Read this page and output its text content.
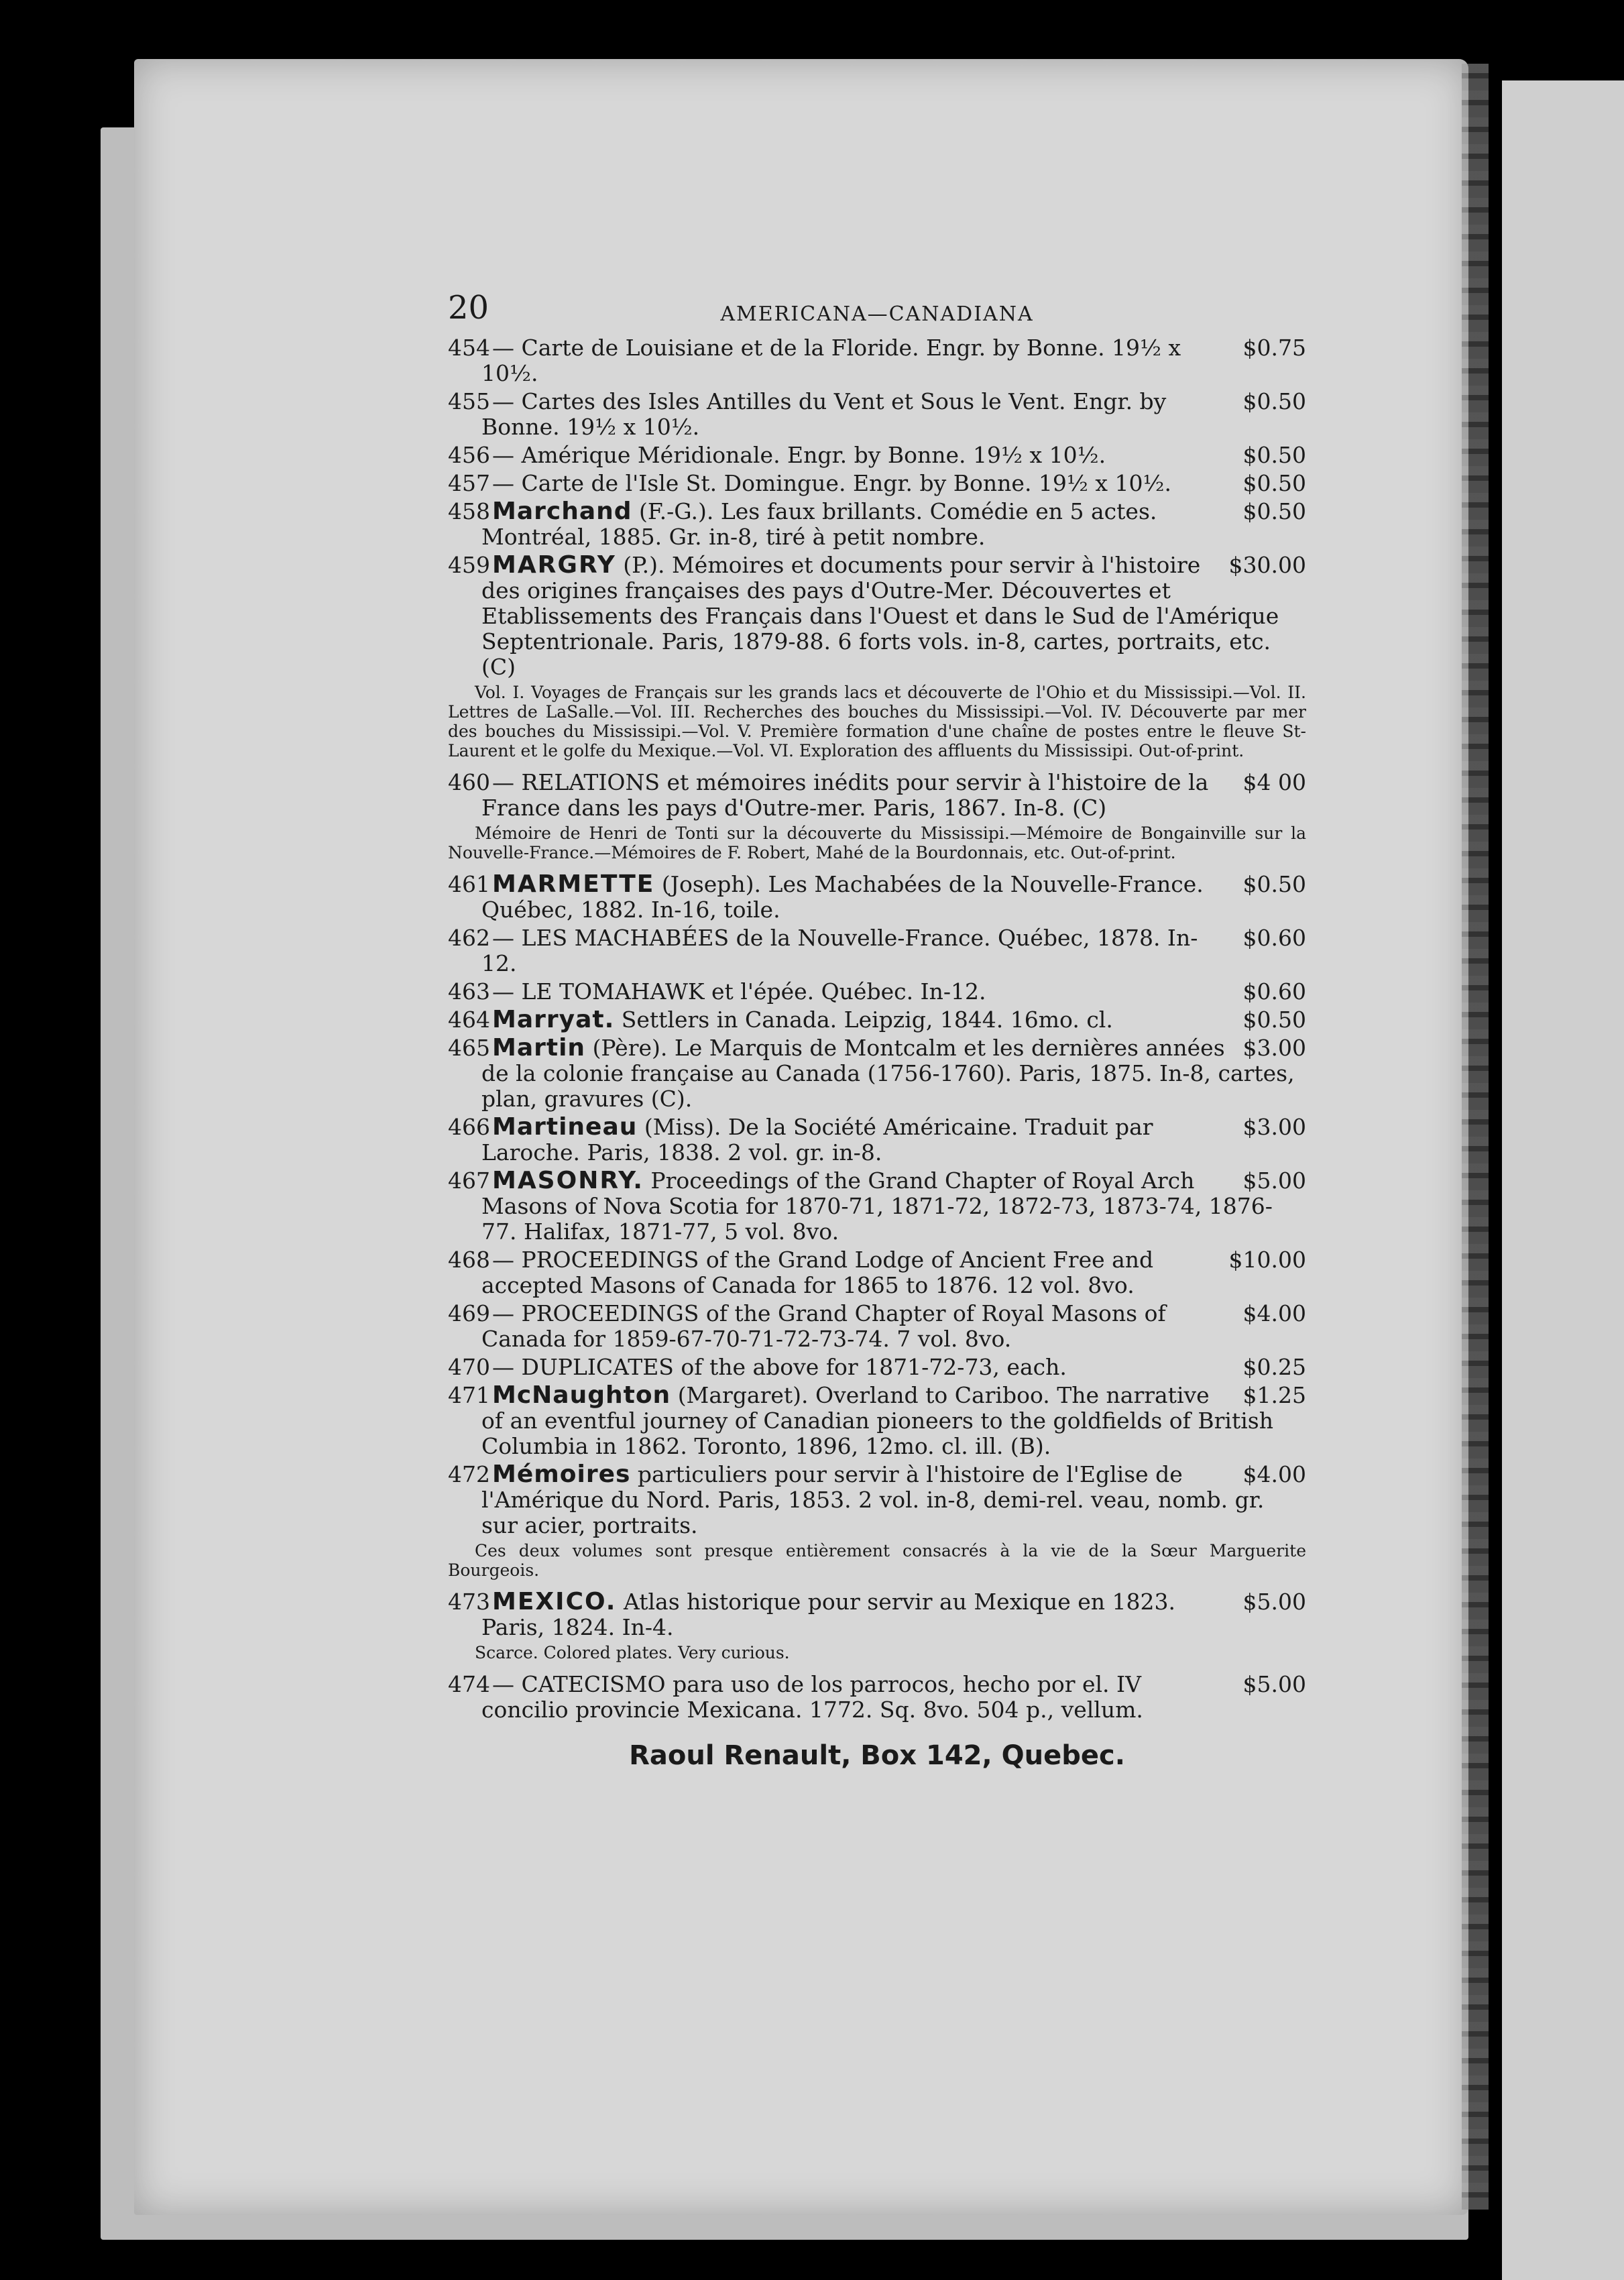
20	AMERICANA—CANADIANA
$0.75
454— Carte de Louisiane et de la Floride. Engr. by Bonne. 19½ x 10½.
$0.50
455— Cartes des Isles Antilles du Vent et Sous le Vent. Engr. by Bonne. 19½ x 10½.
$0.50
456— Amérique Méridionale. Engr. by Bonne. 19½ x 10½.
$0.50
457— Carte de l'Isle St. Domingue. Engr. by Bonne. 19½ x 10½.
$0.50
458Marchand (F.-G.). Les faux brillants. Comédie en 5 actes. Montréal, 1885. Gr. in-8, tiré à petit nombre.
$30.00
459MARGRY (P.). Mémoires et documents pour servir à l'histoire des origines françaises des pays d'Outre-Mer. Découvertes et Etablissements des Français dans l'Ouest et dans le Sud de l'Amérique Septentrionale. Paris, 1879-88. 6 forts vols. in-8, cartes, portraits, etc. (C)
Vol. I. Voyages de Français sur les grands lacs et découverte de l'Ohio et du Mississipi.—Vol. II. Lettres de LaSalle.—Vol. III. Recherches des bouches du Mississipi.—Vol. IV. Découverte par mer des bouches du Mississipi.—Vol. V. Première formation d'une chaîne de postes entre le fleuve St-Laurent et le golfe du Mexique.—Vol. VI. Exploration des affluents du Mississipi. Out-of-print.
$4 00
460— RELATIONS et mémoires inédits pour servir à l'histoire de la France dans les pays d'Outre-mer. Paris, 1867. In-8. (C)
Mémoire de Henri de Tonti sur la découverte du Mississipi.—Mémoire de Bongainville sur la Nouvelle-France.—Mémoires de F. Robert, Mahé de la Bourdonnais, etc. Out-of-print.
$0.50
461MARMETTE (Joseph). Les Machabées de la Nouvelle-France. Québec, 1882. In-16, toile.
$0.60
462— LES MACHABÉES de la Nouvelle-France. Québec, 1878. In-12.
$0.60
463— LE TOMAHAWK et l'épée. Québec. In-12.
$0.50
464Marryat. Settlers in Canada. Leipzig, 1844. 16mo. cl.
$3.00
465Martin (Père). Le Marquis de Montcalm et les dernières années de la colonie française au Canada (1756-1760). Paris, 1875. In-8, cartes, plan, gravures (C).
$3.00
466Martineau (Miss). De la Société Américaine. Traduit par Laroche. Paris, 1838. 2 vol. gr. in-8.
$5.00
467MASONRY. Proceedings of the Grand Chapter of Royal Arch Masons of Nova Scotia for 1870-71, 1871-72, 1872-73, 1873-74, 1876-77. Halifax, 1871-77, 5 vol. 8vo.
$10.00
468— PROCEEDINGS of the Grand Lodge of Ancient Free and accepted Masons of Canada for 1865 to 1876. 12 vol. 8vo.
$4.00
469— PROCEEDINGS of the Grand Chapter of Royal Masons of Canada for 1859-67-70-71-72-73-74. 7 vol. 8vo.
$0.25
470— DUPLICATES of the above for 1871-72-73, each.
$1.25
471McNaughton (Margaret). Overland to Cariboo. The narrative of an eventful journey of Canadian pioneers to the goldfields of British Columbia in 1862. Toronto, 1896, 12mo. cl. ill. (B).
$4.00
472Mémoires particuliers pour servir à l'histoire de l'Eglise de l'Amérique du Nord. Paris, 1853. 2 vol. in-8, demi-rel. veau, nomb. gr. sur acier, portraits.
Ces deux volumes sont presque entièrement consacrés à la vie de la Sœur Marguerite Bourgeois.
$5.00
473MEXICO. Atlas historique pour servir au Mexique en 1823. Paris, 1824. In-4.
Scarce. Colored plates. Very curious.
$5.00
474— CATECISMO para uso de los parrocos, hecho por el. IV concilio provincie Mexicana. 1772. Sq. 8vo. 504 p., vellum.
Raoul Renault, Box 142, Quebec.
